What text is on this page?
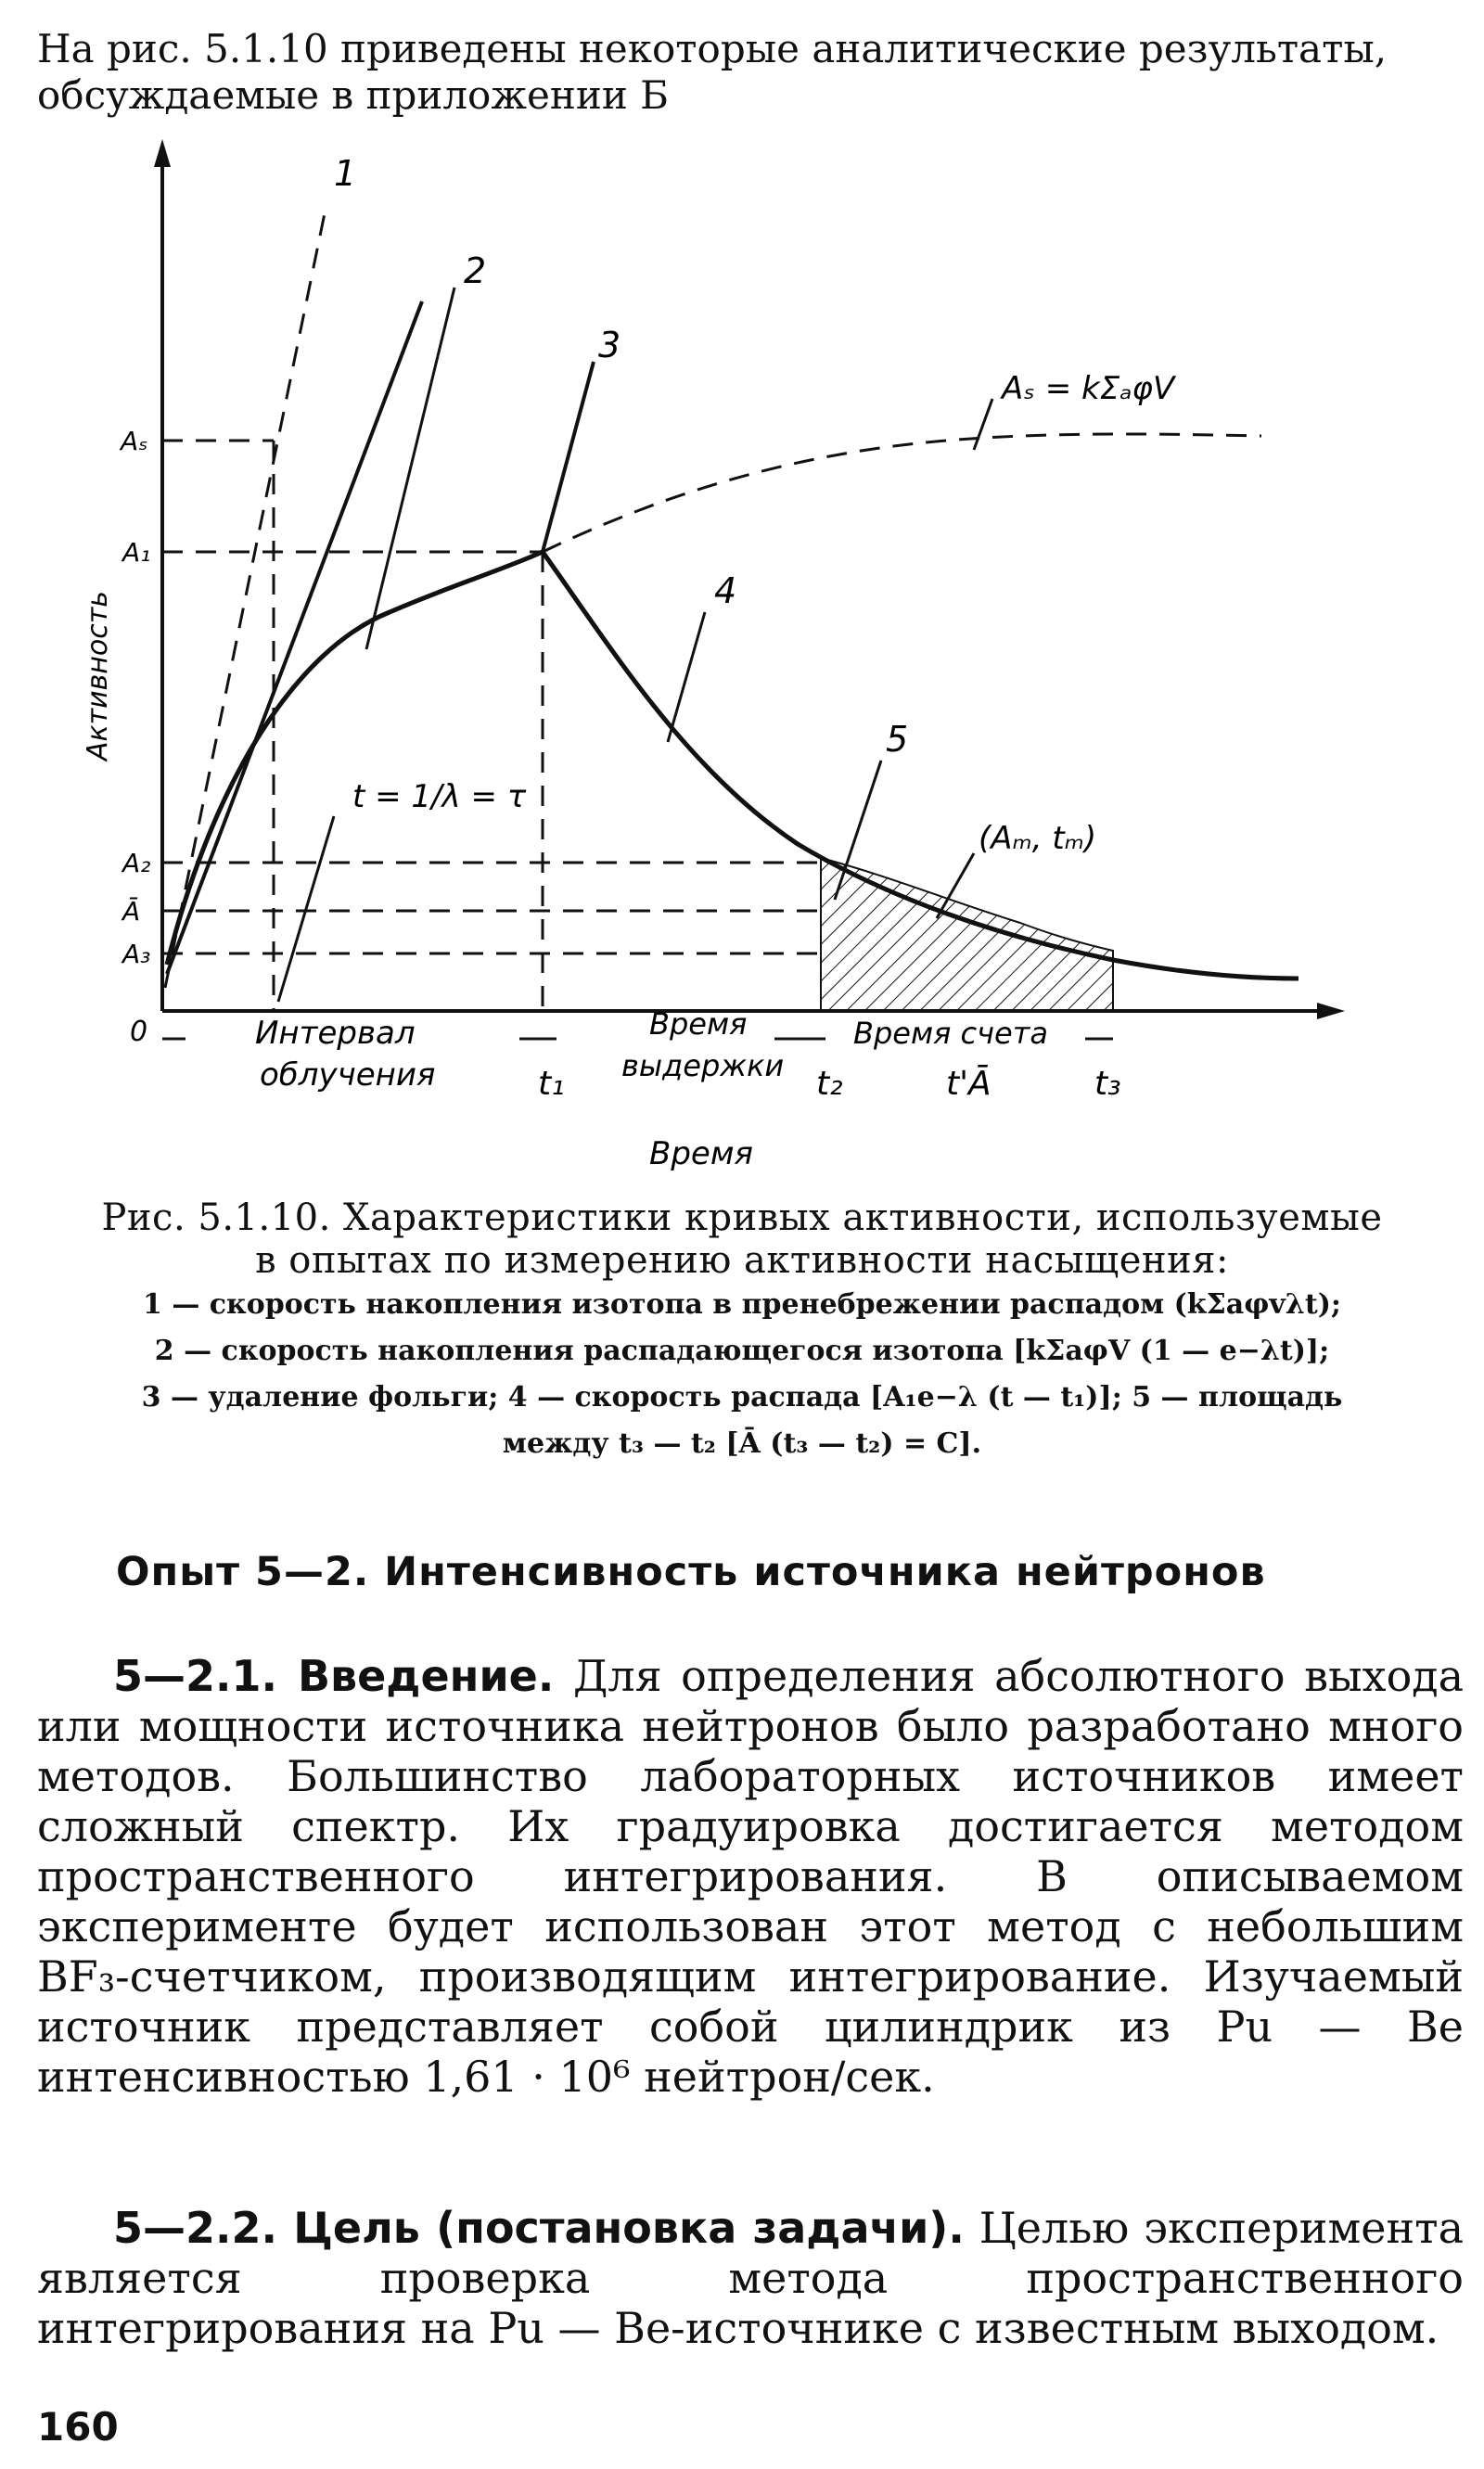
На рис. 5.1.10 приведены некоторые аналитические результаты, обсуждаемые в приложении Б
1
2
3
4
5
Aₛ = kΣₐφV
t = 1/λ = τ
(Aₘ, tₘ)
Aₛ
A₁
A₂
Ā
A₃
0
Активность
Интервал
облучения
Время
выдержки
Время счета
t₁	t₂	t'Ā	t₃
Время
Рис. 5.1.10. Характеристики кривых активности, используемые
в опытах по измерению активности насыщения:
1 — скорость накопления изотопа в пренебрежении распадом (kΣaφvλt);
2 — скорость накопления распадающегося изотопа [kΣaφV (1 — e−λt)];
3 — удаление фольги; 4 — скорость распада [A₁e−λ (t — t₁)]; 5 — площадь
между t₃ — t₂ [Ā (t₃ — t₂) = C].
Опыт 5—2. Интенсивность источника нейтронов
5—2.1. Введение. Для определения абсолютного выхода или мощности источника нейтронов было разработано много методов. Большинство лабораторных источников имеет сложный спектр. Их градуировка достигается методом пространственного интегрирования. В описываемом эксперименте будет использован этот метод с небольшим BF₃-счетчиком, производящим интегрирование. Изучаемый источник представляет собой цилиндрик из Pu — Be интенсивностью 1,61 · 10⁶ нейтрон/сек.
5—2.2. Цель (постановка задачи). Целью эксперимента является проверка метода пространственного интегрирования на Pu — Be-источнике с известным выходом.
160
